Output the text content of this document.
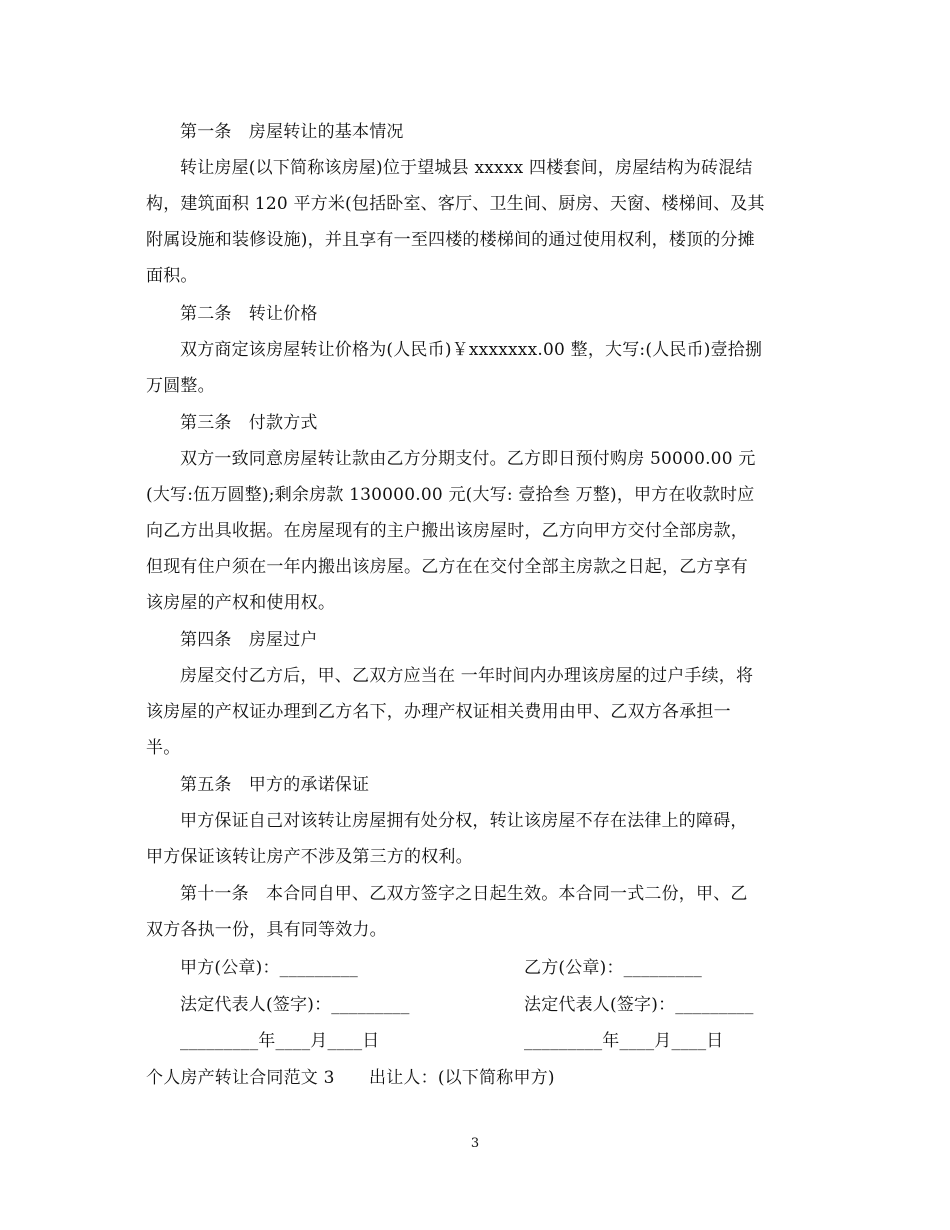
第一条　房屋转让的基本情况
转让房屋(以下简称该房屋)位于望城县 xxxxx 四楼套间，房屋结构为砖混结
构，建筑面积 120 平方米(包括卧室、客厅、卫生间、厨房、天窗、楼梯间、及其
附属设施和装修设施)，并且享有一至四楼的楼梯间的通过使用权利，楼顶的分摊
面积。
第二条　转让价格
双方商定该房屋转让价格为(人民币)￥xxxxxxx.00 整，大写:(人民币)壹拾捌
万圆整。
第三条　付款方式
双方一致同意房屋转让款由乙方分期支付。乙方即日预付购房 50000.00 元
(大写:伍万圆整);剩余房款 130000.00 元(大写: 壹拾叁 万整)，甲方在收款时应
向乙方出具收据。在房屋现有的主户搬出该房屋时，乙方向甲方交付全部房款，
但现有住户须在一年内搬出该房屋。乙方在在交付全部主房款之日起，乙方享有
该房屋的产权和使用权。
第四条　房屋过户
房屋交付乙方后，甲、乙双方应当在 一年时间内办理该房屋的过户手续，将
该房屋的产权证办理到乙方名下，办理产权证相关费用由甲、乙双方各承担一
半。
第五条　甲方的承诺保证
甲方保证自己对该转让房屋拥有处分权，转让该房屋不存在法律上的障碍，
甲方保证该转让房产不涉及第三方的权利。
第十一条　本合同自甲、乙双方签字之日起生效。本合同一式二份，甲、乙
双方各执一份，具有同等效力。
甲方(公章)：_________	乙方(公章)：_________
法定代表人(签字)：_________	法定代表人(签字)：_________
_________年____月____日	_________年____月____日
个人房产转让合同范文 3　　出让人：(以下简称甲方)
3
